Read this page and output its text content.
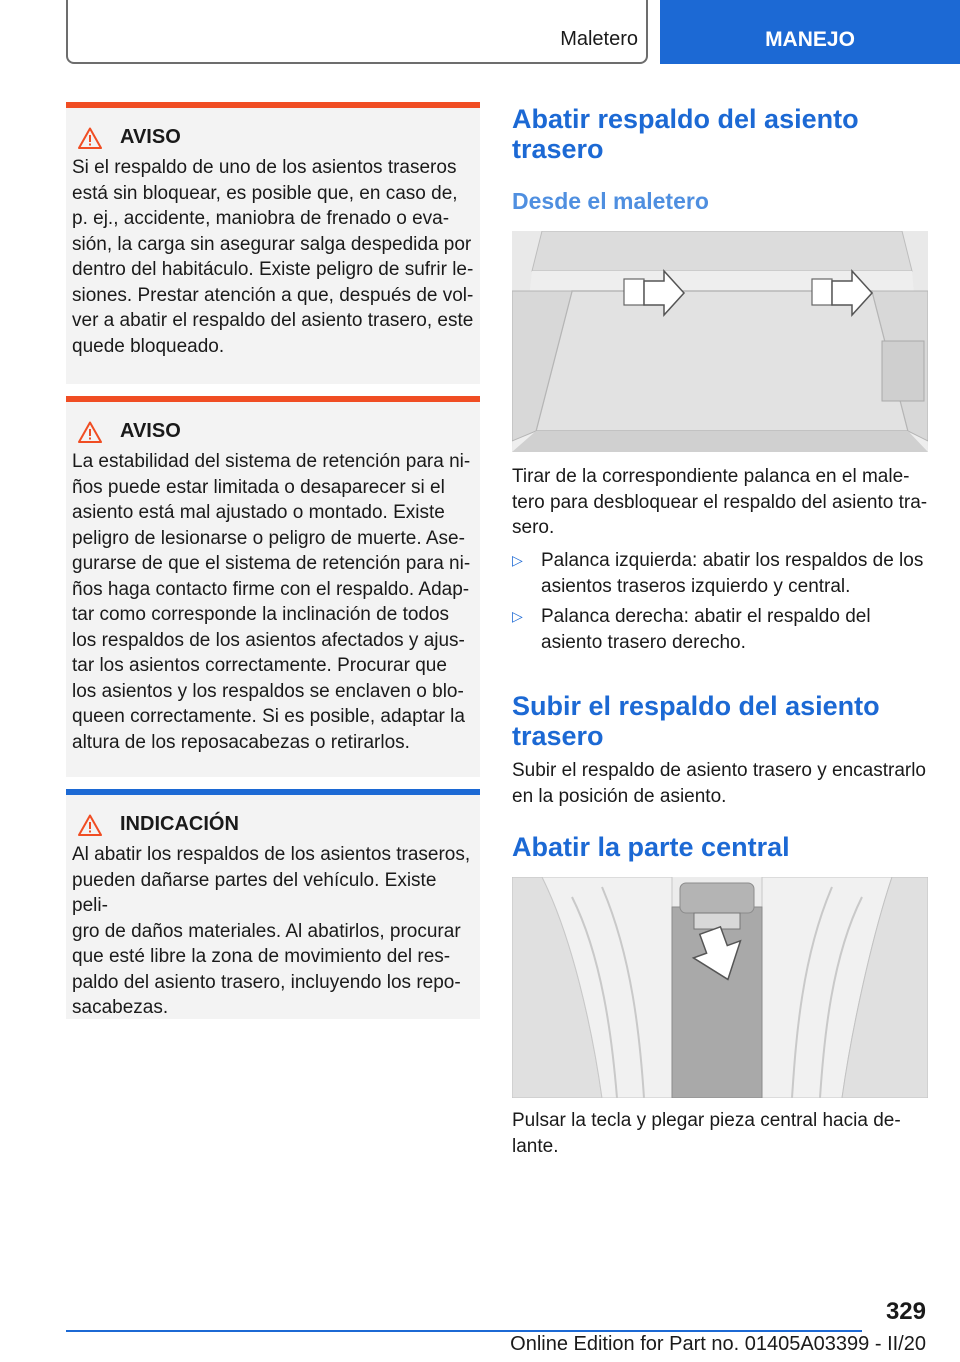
Maletero	MANEJO
AVISO
Si el respaldo de uno de los asientos traseros
está sin bloquear, es posible que, en caso de,
p. ej., accidente, maniobra de frenado o eva-
sión, la carga sin asegurar salga despedida por
dentro del habitáculo. Existe peligro de sufrir le-
siones. Prestar atención a que, después de vol-
ver a abatir el respaldo del asiento trasero, este
quede bloqueado.
AVISO
La estabilidad del sistema de retención para ni-
ños puede estar limitada o desaparecer si el
asiento está mal ajustado o montado. Existe
peligro de lesionarse o peligro de muerte. Ase-
gurarse de que el sistema de retención para ni-
ños haga contacto firme con el respaldo. Adap-
tar como corresponde la inclinación de todos
los respaldos de los asientos afectados y ajus-
tar los asientos correctamente. Procurar que
los asientos y los respaldos se enclaven o blo-
queen correctamente. Si es posible, adaptar la
altura de los reposacabezas o retirarlos.
INDICACIÓN
Al abatir los respaldos de los asientos traseros,
pueden dañarse partes del vehículo. Existe peli-
gro de daños materiales. Al abatirlos, procurar
que esté libre la zona de movimiento del res-
paldo del asiento trasero, incluyendo los repo-
sacabezas.
Abatir respaldo del asiento
trasero
Desde el maletero
Tirar de la correspondiente palanca en el male-
tero para desbloquear el respaldo del asiento tra-
sero.
▷ Palanca izquierda: abatir los respaldos de los
asientos traseros izquierdo y central.
▷ Palanca derecha: abatir el respaldo del
asiento trasero derecho.
Subir el respaldo del asiento
trasero
Subir el respaldo de asiento trasero y encastrarlo
en la posición de asiento.
Abatir la parte central
Pulsar la tecla y plegar pieza central hacia de-
lante.
329
Online Edition for Part no. 01405A03399 - II/20
